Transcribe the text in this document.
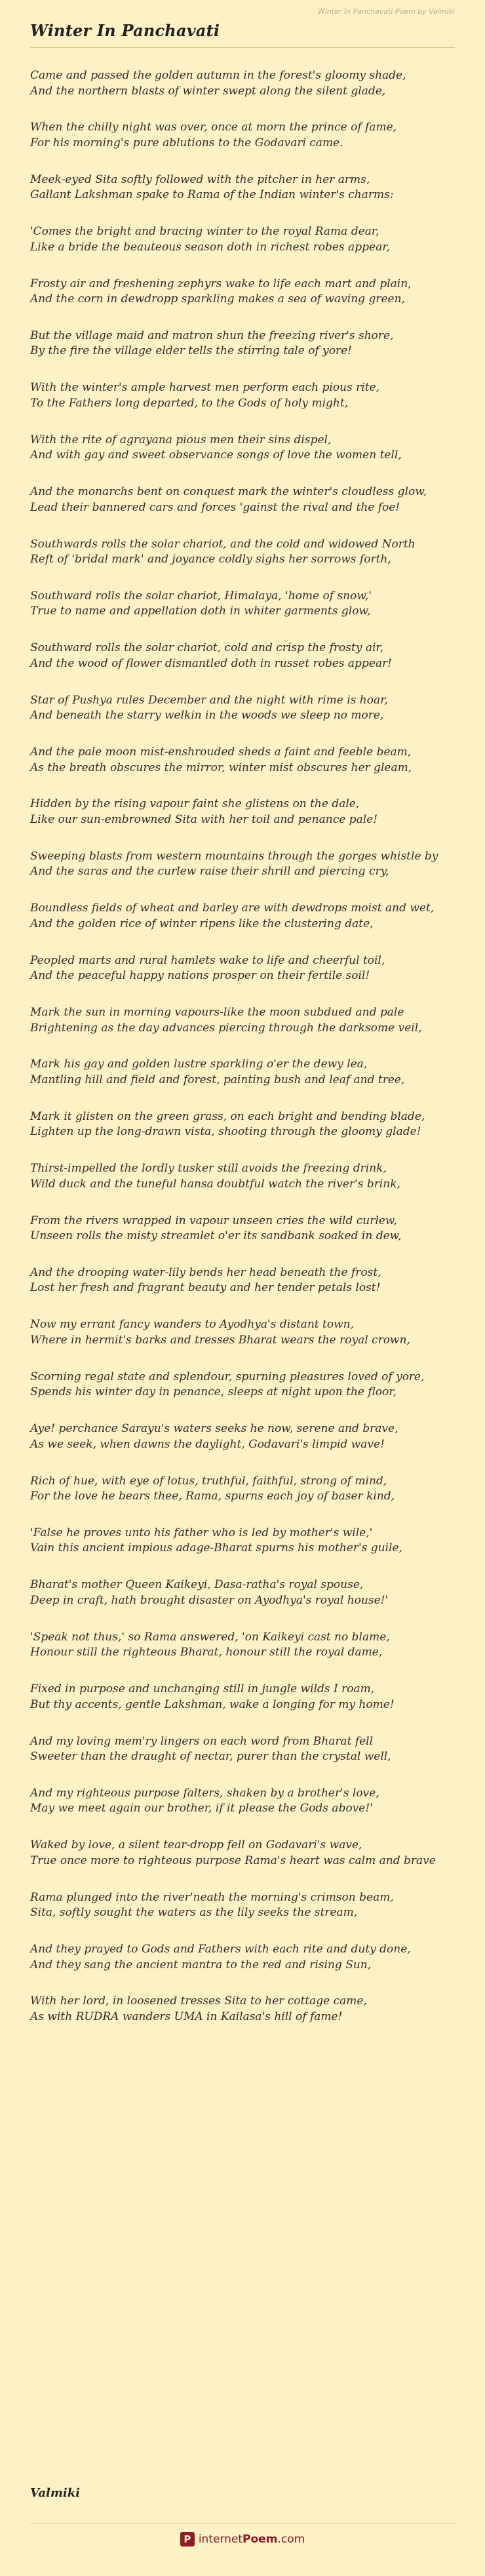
Winter In Panchavati Poem by Valmiki
Winter In Panchavati
Came and passed the golden autumn in the forest's gloomy shade,
And the northern blasts of winter swept along the silent glade,
When the chilly night was over, once at morn the prince of fame,
For his morning's pure ablutions to the Godavari came.
Meek-eyed Sita softly followed with the pitcher in her arms,
Gallant Lakshman spake to Rama of the Indian winter's charms:
'Comes the bright and bracing winter to the royal Rama dear,
Like a bride the beauteous season doth in richest robes appear,
Frosty air and freshening zephyrs wake to life each mart and plain,
And the corn in dewdropp sparkling makes a sea of waving green,
But the village maid and matron shun the freezing river's shore,
By the fire the village elder tells the stirring tale of yore!
With the winter's ample harvest men perform each pious rite,
To the Fathers long departed, to the Gods of holy might,
With the rite of agrayana pious men their sins dispel,
And with gay and sweet observance songs of love the women tell,
And the monarchs bent on conquest mark the winter's cloudless glow,
Lead their bannered cars and forces 'gainst the rival and the foe!
Southwards rolls the solar chariot, and the cold and widowed North
Reft of 'bridal mark' and joyance coldly sighs her sorrows forth,
Southward rolls the solar chariot, Himalaya, 'home of snow,'
True to name and appellation doth in whiter garments glow,
Southward rolls the solar chariot, cold and crisp the frosty air,
And the wood of flower dismantled doth in russet robes appear!
Star of Pushya rules December and the night with rime is hoar,
And beneath the starry welkin in the woods we sleep no more,
And the pale moon mist-enshrouded sheds a faint and feeble beam,
As the breath obscures the mirror, winter mist obscures her gleam,
Hidden by the rising vapour faint she glistens on the dale,
Like our sun-embrowned Sita with her toil and penance pale!
Sweeping blasts from western mountains through the gorges whistle by
And the saras and the curlew raise their shrill and piercing cry,
Boundless fields of wheat and barley are with dewdrops moist and wet,
And the golden rice of winter ripens like the clustering date,
Peopled marts and rural hamlets wake to life and cheerful toil,
And the peaceful happy nations prosper on their fertile soil!
Mark the sun in morning vapours-like the moon subdued and pale
Brightening as the day advances piercing through the darksome veil,
Mark his gay and golden lustre sparkling o'er the dewy lea,
Mantling hill and field and forest, painting bush and leaf and tree,
Mark it glisten on the green grass, on each bright and bending blade,
Lighten up the long-drawn vista, shooting through the gloomy glade!
Thirst-impelled the lordly tusker still avoids the freezing drink,
Wild duck and the tuneful hansa doubtful watch the river's brink,
From the rivers wrapped in vapour unseen cries the wild curlew,
Unseen rolls the misty streamlet o'er its sandbank soaked in dew,
And the drooping water-lily bends her head beneath the frost,
Lost her fresh and fragrant beauty and her tender petals lost!
Now my errant fancy wanders to Ayodhya's distant town,
Where in hermit's barks and tresses Bharat wears the royal crown,
Scorning regal state and splendour, spurning pleasures loved of yore,
Spends his winter day in penance, sleeps at night upon the floor,
Aye! perchance Sarayu's waters seeks he now, serene and brave,
As we seek, when dawns the daylight, Godavari's limpid wave!
Rich of hue, with eye of lotus, truthful, faithful, strong of mind,
For the love he bears thee, Rama, spurns each joy of baser kind,
'False he proves unto his father who is led by mother's wile,'
Vain this ancient impious adage-Bharat spurns his mother's guile,
Bharat's mother Queen Kaikeyi, Dasa-ratha's royal spouse,
Deep in craft, hath brought disaster on Ayodhya's royal house!'
'Speak not thus,' so Rama answered, 'on Kaikeyi cast no blame,
Honour still the righteous Bharat, honour still the royal dame,
Fixed in purpose and unchanging still in jungle wilds I roam,
But thy accents, gentle Lakshman, wake a longing for my home!
And my loving mem'ry lingers on each word from Bharat fell
Sweeter than the draught of nectar, purer than the crystal well,
And my righteous purpose falters, shaken by a brother's love,
May we meet again our brother, if it please the Gods above!'
Waked by love, a silent tear-dropp fell on Godavari's wave,
True once more to righteous purpose Rama's heart was calm and brave
Rama plunged into the river'neath the morning's crimson beam,
Sita, softly sought the waters as the lily seeks the stream,
And they prayed to Gods and Fathers with each rite and duty done,
And they sang the ancient mantra to the red and rising Sun,
With her lord, in loosened tresses Sita to her cottage came,
As with RUDRA wanders UMA in Kailasa's hill of fame!
Valmiki
P internetPoem.com
